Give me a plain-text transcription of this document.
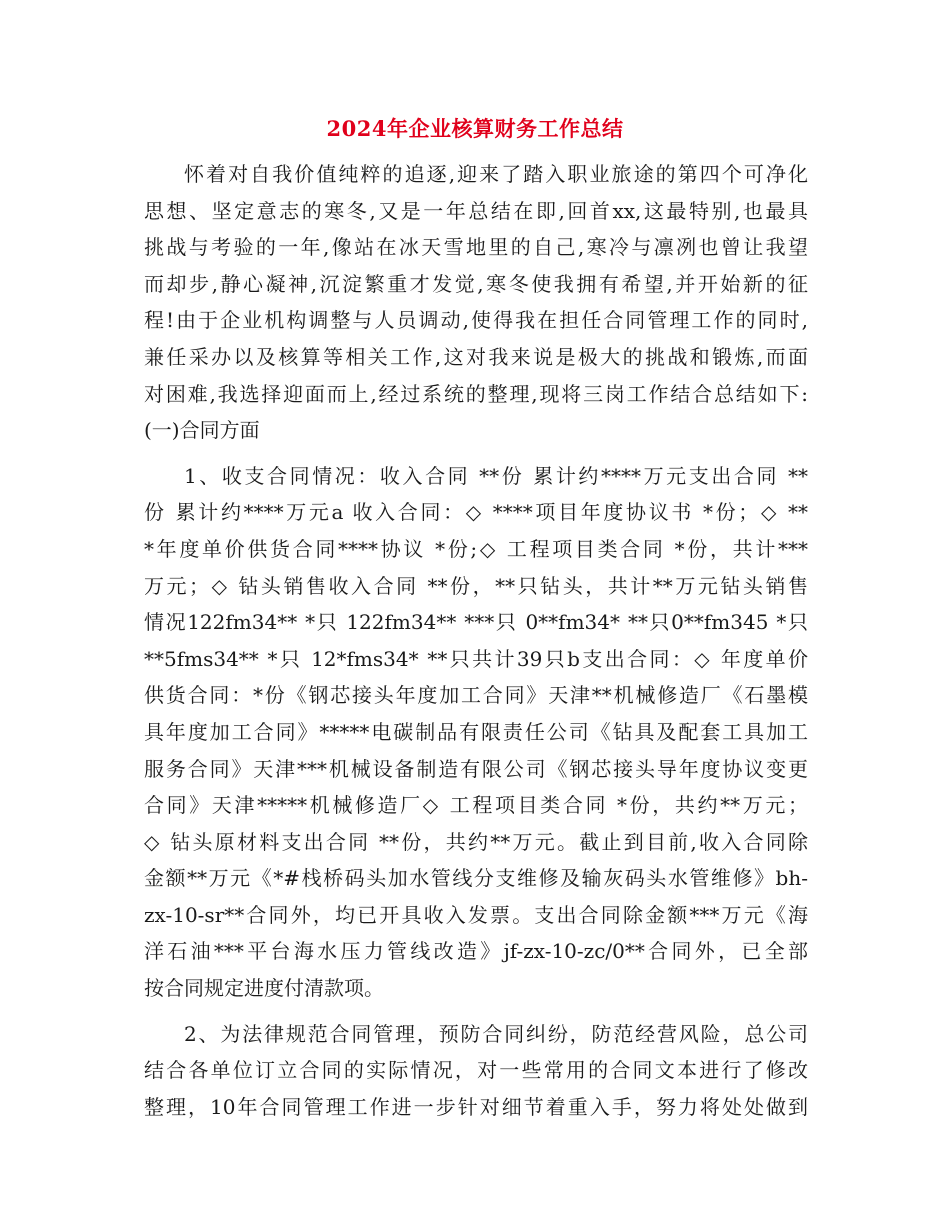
2024年企业核算财务工作总结
怀着对自我价值纯粹的追逐,迎来了踏入职业旅途的第四个可净化
思想、坚定意志的寒冬,又是一年总结在即,回首xx,这最特别,也最具
挑战与考验的一年,像站在冰天雪地里的自己,寒冷与凛冽也曾让我望
而却步,静心凝神,沉淀繁重才发觉,寒冬使我拥有希望,并开始新的征
程!由于企业机构调整与人员调动,使得我在担任合同管理工作的同时,
兼任采办以及核算等相关工作,这对我来说是极大的挑战和锻炼,而面
对困难,我选择迎面而上,经过系统的整理,现将三岗工作结合总结如下:
(一)合同方面
1、收支合同情况：收入合同 **份 累计约****万元支出合同 **
份 累计约****万元a 收入合同：◇ ****项目年度协议书 *份；◇ **
*年度单价供货合同****协议 *份;◇ 工程项目类合同 *份，共计***
万元；◇ 钻头销售收入合同 **份，**只钻头，共计**万元钻头销售
情况122fm34** *只 122fm34** ***只 0**fm34* **只0**fm345 *只
**5fms34** *只 12*fms34* **只共计39只b支出合同：◇ 年度单价
供货合同：*份《钢芯接头年度加工合同》天津**机械修造厂《石墨模
具年度加工合同》*****电碳制品有限责任公司《钻具及配套工具加工
服务合同》天津***机械设备制造有限公司《钢芯接头导年度协议变更
合同》天津*****机械修造厂◇ 工程项目类合同 *份，共约**万元；
◇ 钻头原材料支出合同 **份，共约**万元。截止到目前,收入合同除
金额**万元《*#栈桥码头加水管线分支维修及输灰码头水管维修》bh-
zx-10-sr**合同外，均已开具收入发票。支出合同除金额***万元《海
洋石油***平台海水压力管线改造》jf-zx-10-zc/0**合同外，已全部
按合同规定进度付清款项。
2、为法律规范合同管理，预防合同纠纷，防范经营风险，总公司
结合各单位订立合同的实际情况，对一些常用的合同文本进行了修改
整理，10年合同管理工作进一步针对细节着重入手，努力将处处做到
